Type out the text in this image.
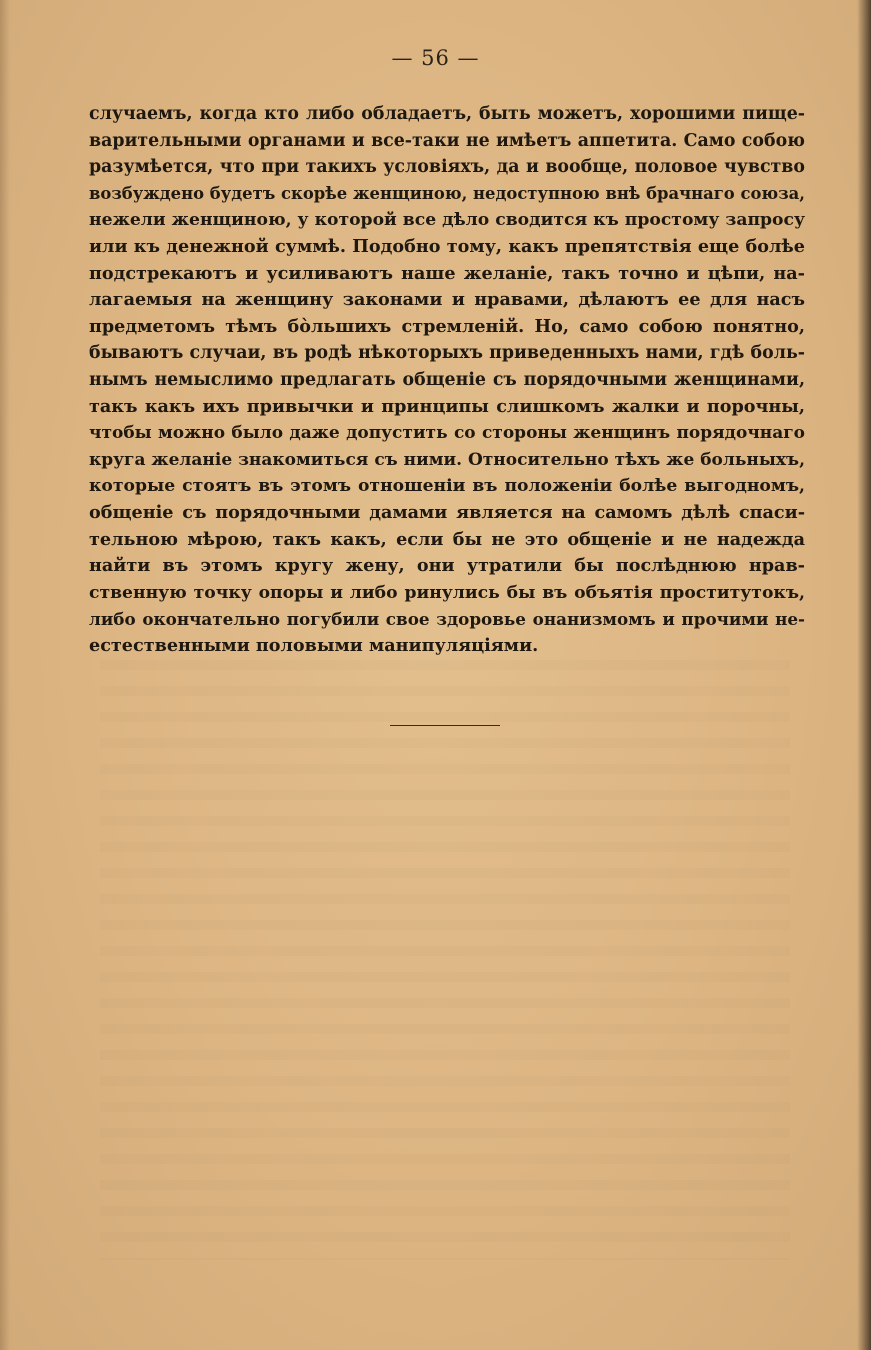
— 56 —
случаемъ, когда кто либо обладаетъ, быть можетъ, хорошими пище-
варительными органами и все-таки не имѣетъ аппетита. Само собою
разумѣется, что при такихъ условіяхъ, да и вообще, половое чувство
возбуждено будетъ скорѣе женщиною, недоступною внѣ брачнаго союза,
нежели женщиною, у которой все дѣло сводится къ простому запросу
или къ денежной суммѣ. Подобно тому, какъ препятствія еще болѣе
подстрекаютъ и усиливаютъ наше желаніе, такъ точно и цѣпи, на-
лагаемыя на женщину законами и нравами, дѣлаютъ ее для насъ
предметомъ тѣмъ бо̀льшихъ стремленій. Но, само собою понятно,
бываютъ случаи, въ родѣ нѣкоторыхъ приведенныхъ нами, гдѣ боль-
нымъ немыслимо предлагать общеніе съ порядочными женщинами,
такъ какъ ихъ привычки и принципы слишкомъ жалки и порочны,
чтобы можно было даже допустить со стороны женщинъ порядочнаго
круга желаніе знакомиться съ ними. Относительно тѣхъ же больныхъ,
которые стоятъ въ этомъ отношеніи въ положеніи болѣе выгодномъ,
общеніе съ порядочными дамами является на самомъ дѣлѣ спаси-
тельною мѣрою, такъ какъ, если бы не это общеніе и не надежда
найти въ этомъ кругу жену, они утратили бы послѣднюю нрав-
ственную точку опоры и либо ринулись бы въ объятія проститутокъ,
либо окончательно погубили свое здоровье онанизмомъ и прочими не-
естественными половыми манипуляціями.
